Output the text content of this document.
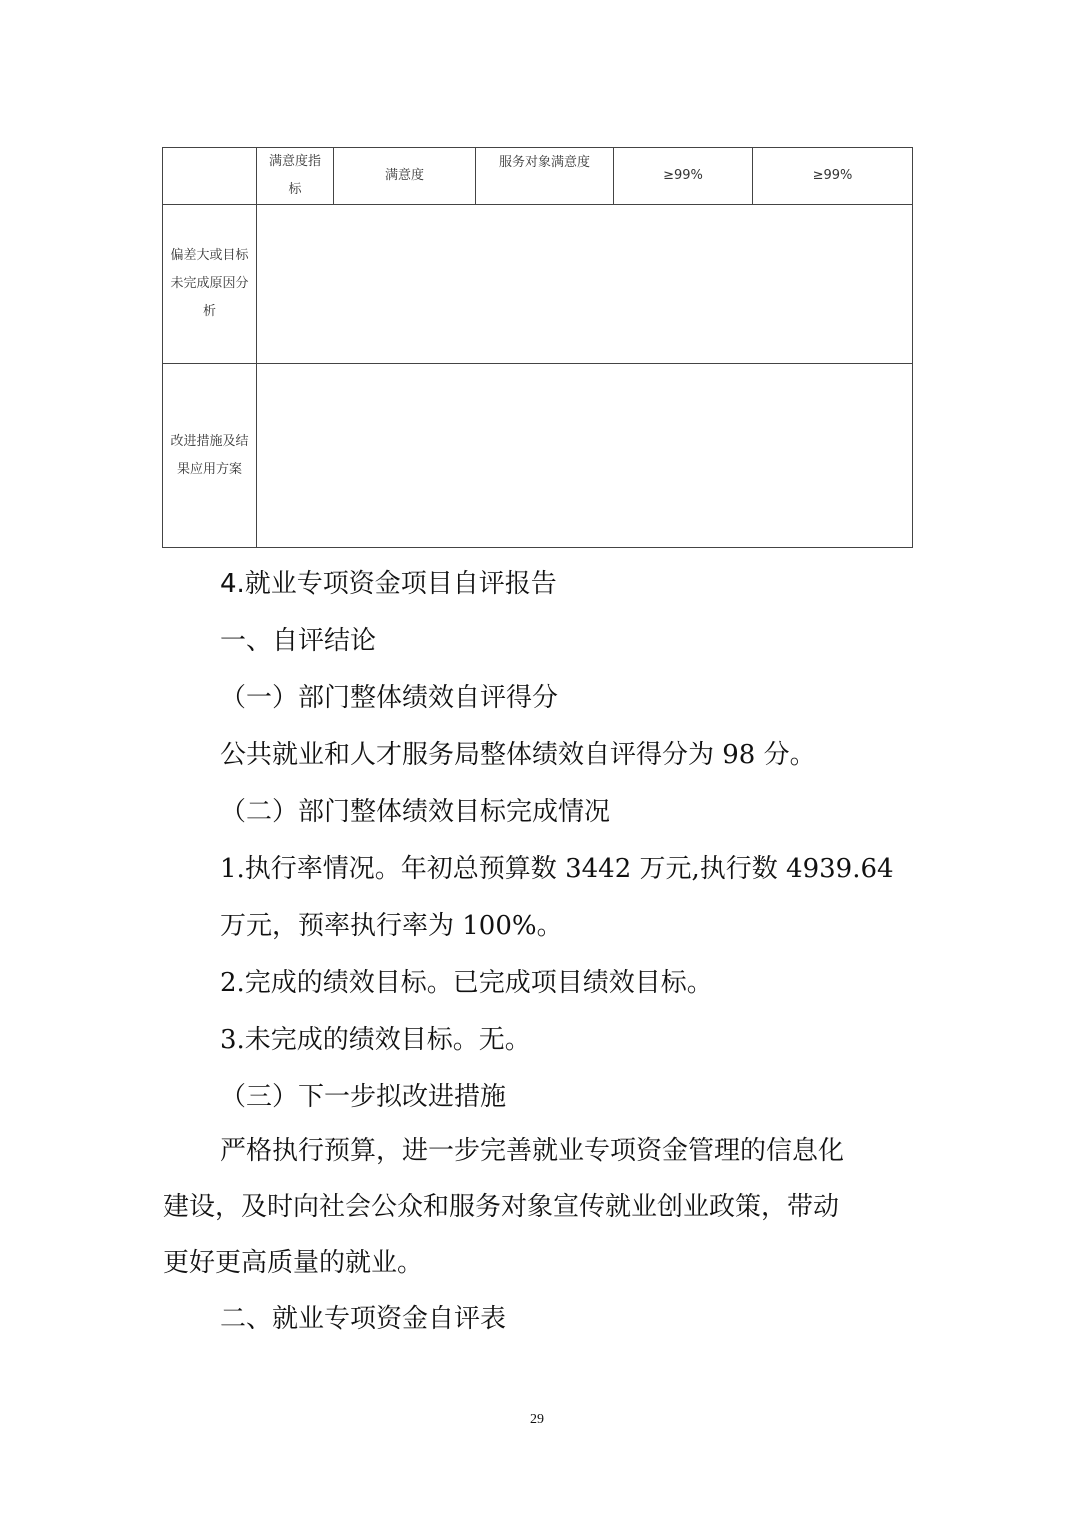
	满意度指标	满意度	服务对象满意度	≥99%	≥99%
偏差大或目标未完成原因分析					
改进措施及结果应用方案					
4.就业专项资金项目自评报告
一、自评结论
（一）部门整体绩效自评得分
公共就业和人才服务局整体绩效自评得分为 98 分。
（二）部门整体绩效目标完成情况
1.执行率情况。年初总预算数 3442 万元,执行数 4939.64
万元，预率执行率为 100%。
2.完成的绩效目标。已完成项目绩效目标。
3.未完成的绩效目标。无。
（三）下一步拟改进措施
严格执行预算，进一步完善就业专项资金管理的信息化
建设，及时向社会公众和服务对象宣传就业创业政策，带动
更好更高质量的就业。
二、就业专项资金自评表
29
